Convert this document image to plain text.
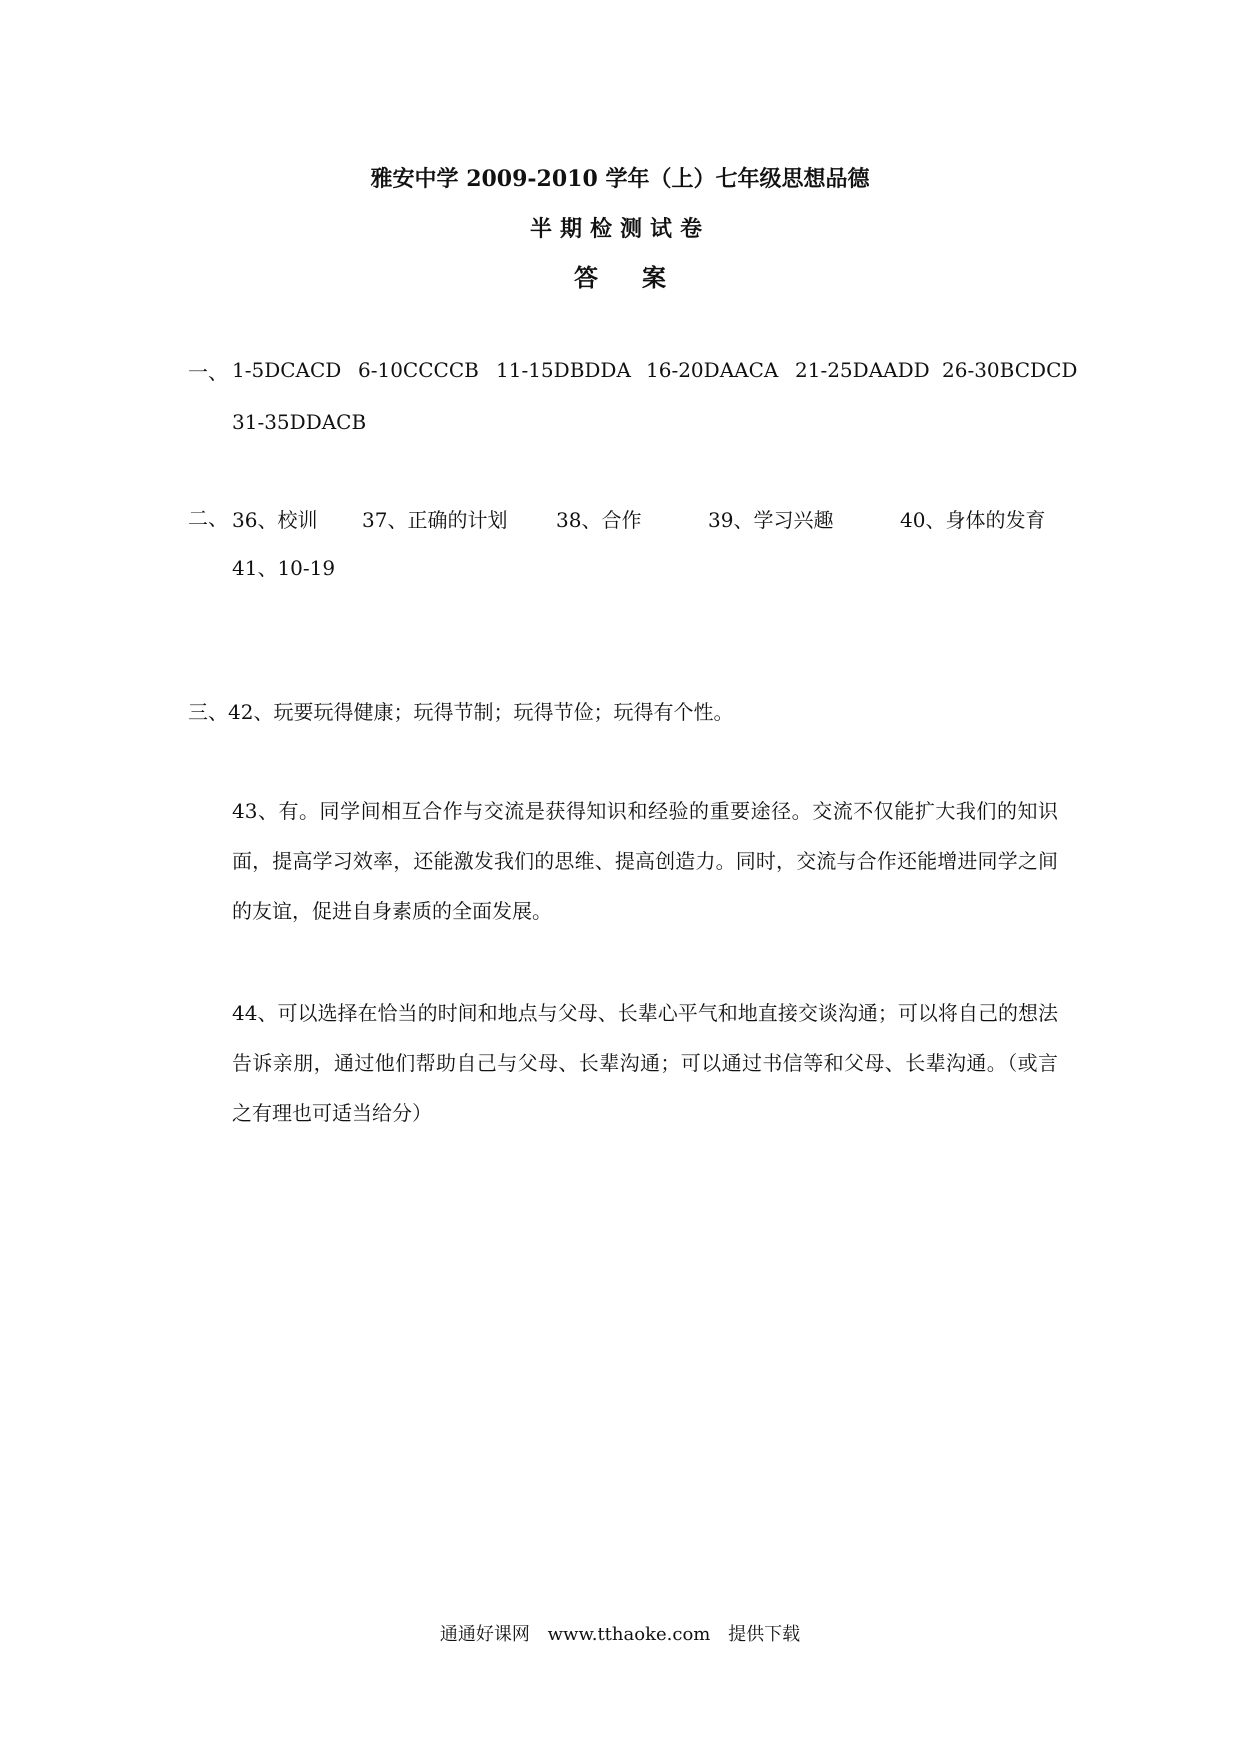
雅安中学 2009-2010 学年（上）七年级思想品德
半期检测试卷
答 案
一、 1-5DCACD 6-10CCCCB 11-15DBDDA 16-20DAACA 21-25DAADD 26-30BCDCD
31-35DDACB
二、 36、校训 37、正确的计划 38、合作	39、学习兴趣	40、身体的发育
41、10-19
三、42、玩要玩得健康；玩得节制；玩得节俭；玩得有个性。
43、有。同学间相互合作与交流是获得知识和经验的重要途径。交流不仅能扩大我们的知识面，提高学习效率，还能激发我们的思维、提高创造力。同时，交流与合作还能增进同学之间的友谊，促进自身素质的全面发展。
44、可以选择在恰当的时间和地点与父母、长辈心平气和地直接交谈沟通；可以将自己的想法告诉亲朋，通过他们帮助自己与父母、长辈沟通；可以通过书信等和父母、长辈沟通。（或言之有理也可适当给分）
通通好课网 www.tthaoke.com 提供下载
